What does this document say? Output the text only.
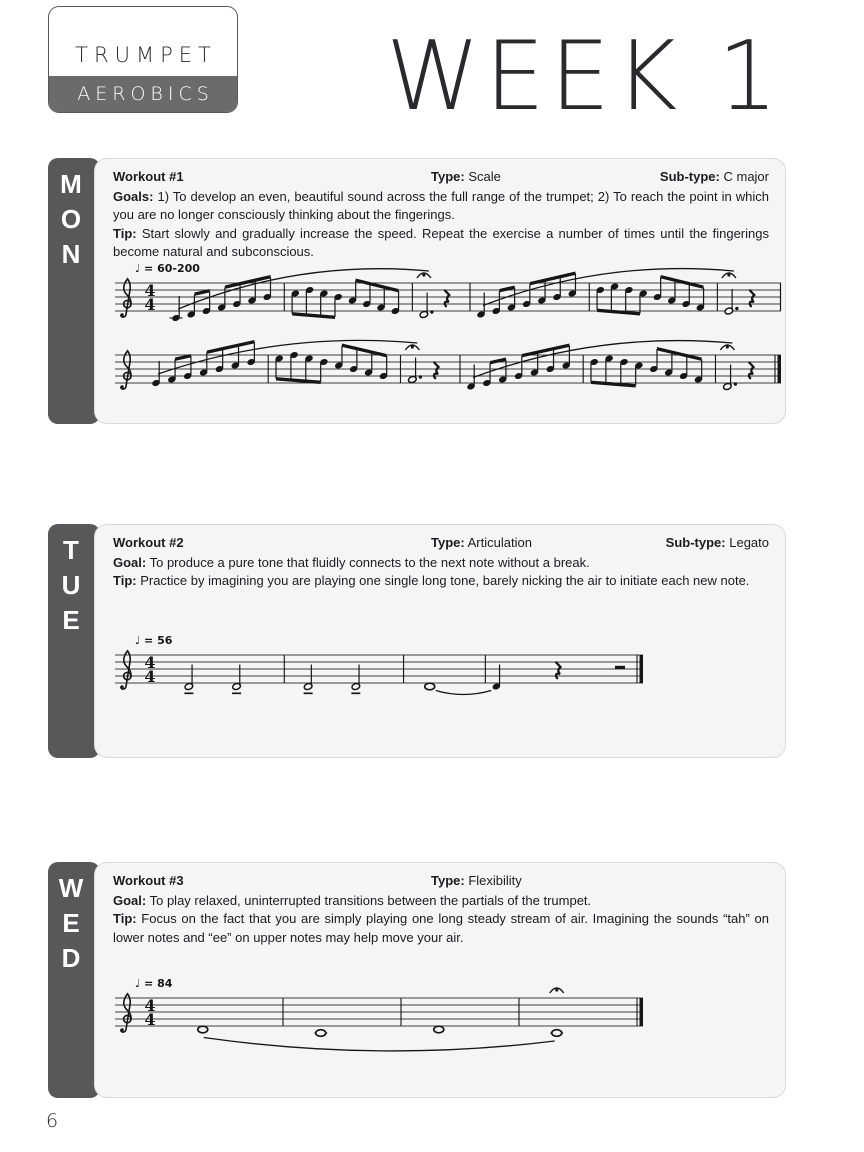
TRUMPET
AEROBICS WEEK 1
M
O
N
Workout #1	Type: Scale	Sub-type: C major

Goals: 1) To develop an even, beautiful sound across the full range of the trumpet; 2) To reach the point in which you are no longer consciously thinking about the fingerings.

Tip: Start slowly and gradually increase the speed. Repeat the exercise a number of times until the fingerings become natural and subconscious.

4
4
♩ = 60-200
T
U
E
Workout #2	Type: Articulation	Sub-type: Legato

Goal: To produce a pure tone that fluidly connects to the next note without a break.

Tip: Practice by imagining you are playing one single long tone, barely nicking the air to initiate each new note.

4
4
♩ = 56
W
E
D
Workout #3	Type: Flexibility

Goal: To play relaxed, uninterrupted transitions between the partials of the trumpet.

Tip: Focus on the fact that you are simply playing one long steady stream of air. Imagining the sounds “tah” on lower notes and “ee” on upper notes may help move your air.

4
4
♩ = 84
6
